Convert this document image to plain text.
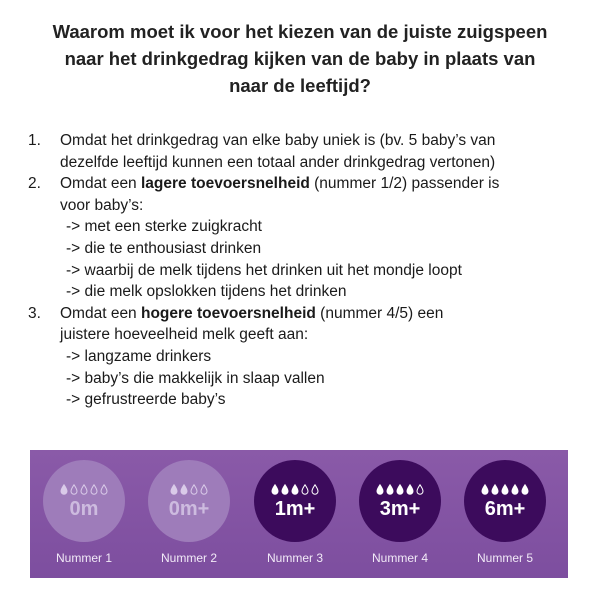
Waarom moet ik voor het kiezen van de juiste zuigspeen
naar het drinkgedrag kijken van de baby in plaats van
naar de leeftijd?
1. Omdat het drinkgedrag van elke baby uniek is (bv. 5 baby’s van
dezelfde leeftijd kunnen een totaal ander drinkgedrag vertonen)
2. Omdat een lagere toevoersnelheid (nummer 1/2) passender is
voor baby’s:
-> met een sterke zuigkracht
-> die te enthousiast drinken
-> waarbij de melk tijdens het drinken uit het mondje loopt
-> die melk opslokken tijdens het drinken
3. Omdat een hogere toevoersnelheid (nummer 4/5) een
juistere hoeveelheid melk geeft aan:
-> langzame drinkers
-> baby’s die makkelijk in slaap vallen
-> gefrustreerde baby’s
0m
Nummer 1
0m+
Nummer 2
1m+
Nummer 3
3m+
Nummer 4
6m+
Nummer 5
